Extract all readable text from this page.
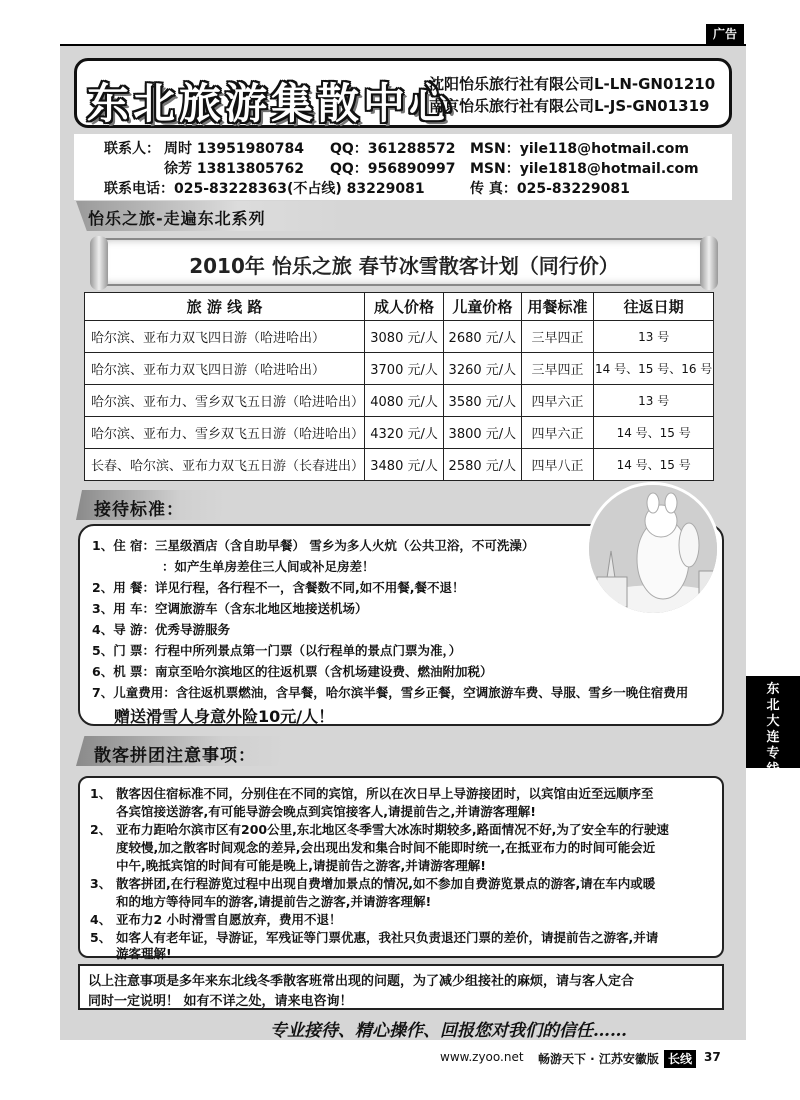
广告
东北旅游集散中心
沈阳怡乐旅行社有限公司L-LN-GN01210
南京怡乐旅行社有限公司L-JS-GN01319
联系人： 周时 13951980784 QQ：361288572 MSN：yile118@hotmail.com
徐芳 13813805762 QQ：956890997 MSN：yile1818@hotmail.com
联系电话：025-83228363(不占线) 83229081	传 真：025-83229081
怡乐之旅-走遍东北系列
2010年 怡乐之旅 春节冰雪散客计划（同行价）
旅 游 线 路	成人价格	儿童价格	用餐标准	往返日期
哈尔滨、亚布力双飞四日游（哈进哈出）	3080 元/人	2680 元/人	三早四正	13 号
哈尔滨、亚布力双飞四日游（哈进哈出）	3700 元/人	3260 元/人	三早四正	14 号、15 号、16 号
哈尔滨、亚布力、雪乡双飞五日游（哈进哈出）	4080 元/人	3580 元/人	四早六正	13 号
哈尔滨、亚布力、雪乡双飞五日游（哈进哈出）	4320 元/人	3800 元/人	四早六正	14 号、15 号
长春、哈尔滨、亚布力双飞五日游（长春进出）	3480 元/人	2580 元/人	四早八正	14 号、15 号
接待标准：
1、住 宿：三星级酒店（含自助早餐） 雪乡为多人火炕（公共卫浴，不可洗澡）
：如产生单房差住三人间或补足房差！
2、用 餐：详见行程，各行程不一，含餐数不同,如不用餐,餐不退！
3、用 车：空调旅游车（含东北地区地接送机场）
4、导 游：优秀导游服务
5、门 票：行程中所列景点第一门票（以行程单的景点门票为准，）
6、机 票：南京至哈尔滨地区的往返机票（含机场建设费、燃油附加税）
7、儿童费用：含往返机票燃油，含早餐，哈尔滨半餐，雪乡正餐，空调旅游车费、导服、雪乡一晚住宿费用
赠送滑雪人身意外险10元/人！
散客拼团注意事项：
1、 散客因住宿标准不同，分别住在不同的宾馆，所以在次日早上导游接团时，以宾馆由近至远顺序至
各宾馆接送游客,有可能导游会晚点到宾馆接客人,请提前告之,并请游客理解!
2、 亚布力距哈尔滨市区有200公里,东北地区冬季雪大冰冻时期较多,路面情况不好,为了安全车的行驶速
度较慢,加之散客时间观念的差异,会出现出发和集合时间不能即时统一,在抵亚布力的时间可能会近
中午,晚抵宾馆的时间有可能是晚上,请提前告之游客,并请游客理解!
3、 散客拼团,在行程游览过程中出现自费增加景点的情况,如不参加自费游览景点的游客,请在车内或暖
和的地方等待同车的游客,请提前告之游客,并请游客理解!
4、 亚布力2 小时滑雪自愿放弃，费用不退！
5、 如客人有老年证，导游证，军残证等门票优惠，我社只负责退还门票的差价，请提前告之游客,并请
游客理解!
以上注意事项是多年来东北线冬季散客班常出现的问题，为了减少组接社的麻烦，请与客人定合
同时一定说明！ 如有不详之处，请来电咨询！
专业接待、精心操作、回报您对我们的信任……
东北大连专线
www.zyoo.net 畅游天下 · 江苏安徽版 长线 37
